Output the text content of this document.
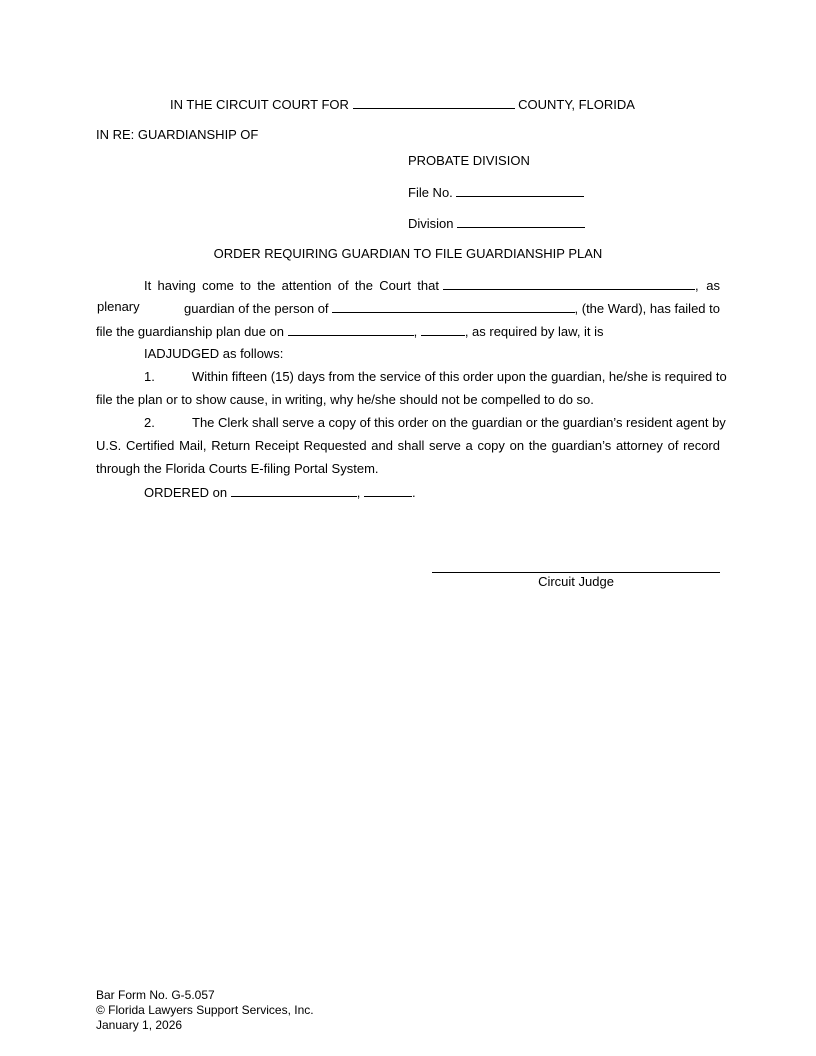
IN THE CIRCUIT COURT FOR	COUNTY, FLORIDA
IN RE: GUARDIANSHIP OF
PROBATE DIVISION
File No.
Division
ORDER REQUIRING GUARDIAN TO FILE GUARDIANSHIP PLAN
It having come to the attention of the Court that	, as
plenary	guardian of the person of	, (the Ward), has failed to
file the guardianship plan due on	,	, as required by law, it is
IADJUDGED as follows:
1.	Within fifteen (15) days from the service of this order upon the guardian, he/she is required to
file the plan or to show cause, in writing, why he/she should not be compelled to do so.
2.	The Clerk shall serve a copy of this order on the guardian or the guardian’s resident agent by
U.S. Certified Mail, Return Receipt Requested and shall serve a copy on the guardian’s attorney of record
through the Florida Courts E-filing Portal System.
ORDERED on	,	.
Circuit Judge
Bar Form No. G-5.057
© Florida Lawyers Support Services, Inc.
January 1, 2026
